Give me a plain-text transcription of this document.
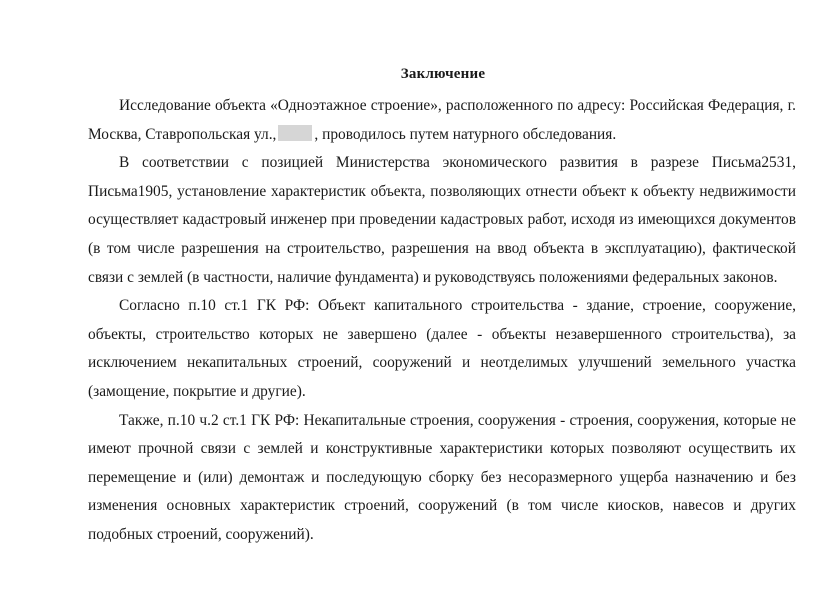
Заключение

Исследование объекта «Одноэтажное строение», расположенного по адресу: Российская Федерация, г. Москва, Ставропольская ул., , проводилось путем натурного обследования.

В соответствии с позицией Министерства экономического развития в разрезе Письма2531, Письма1905, установление характеристик объекта, позволяющих отнести объект к объекту недвижимости осуществляет кадастровый инженер при проведении кадастровых работ, исходя из имеющихся документов (в том числе разрешения на строительство, разрешения на ввод объекта в эксплуатацию), фактической связи с землей (в частности, наличие фундамента) и руководствуясь положениями федеральных законов.

Согласно п.10 ст.1 ГК РФ: Объект капитального строительства - здание, строение, сооружение, объекты, строительство которых не завершено (далее - объекты незавершенного строительства), за исключением некапитальных строений, сооружений и неотделимых улучшений земельного участка (замощение, покрытие и другие).

Также, п.10 ч.2 ст.1 ГК РФ: Некапитальные строения, сооружения - строения, сооружения, которые не имеют прочной связи с землей и конструктивные характеристики которых позволяют осуществить их перемещение и (или) демонтаж и последующую сборку без несоразмерного ущерба назначению и без изменения основных характеристик строений, сооружений (в том числе киосков, навесов и других подобных строений, сооружений).
